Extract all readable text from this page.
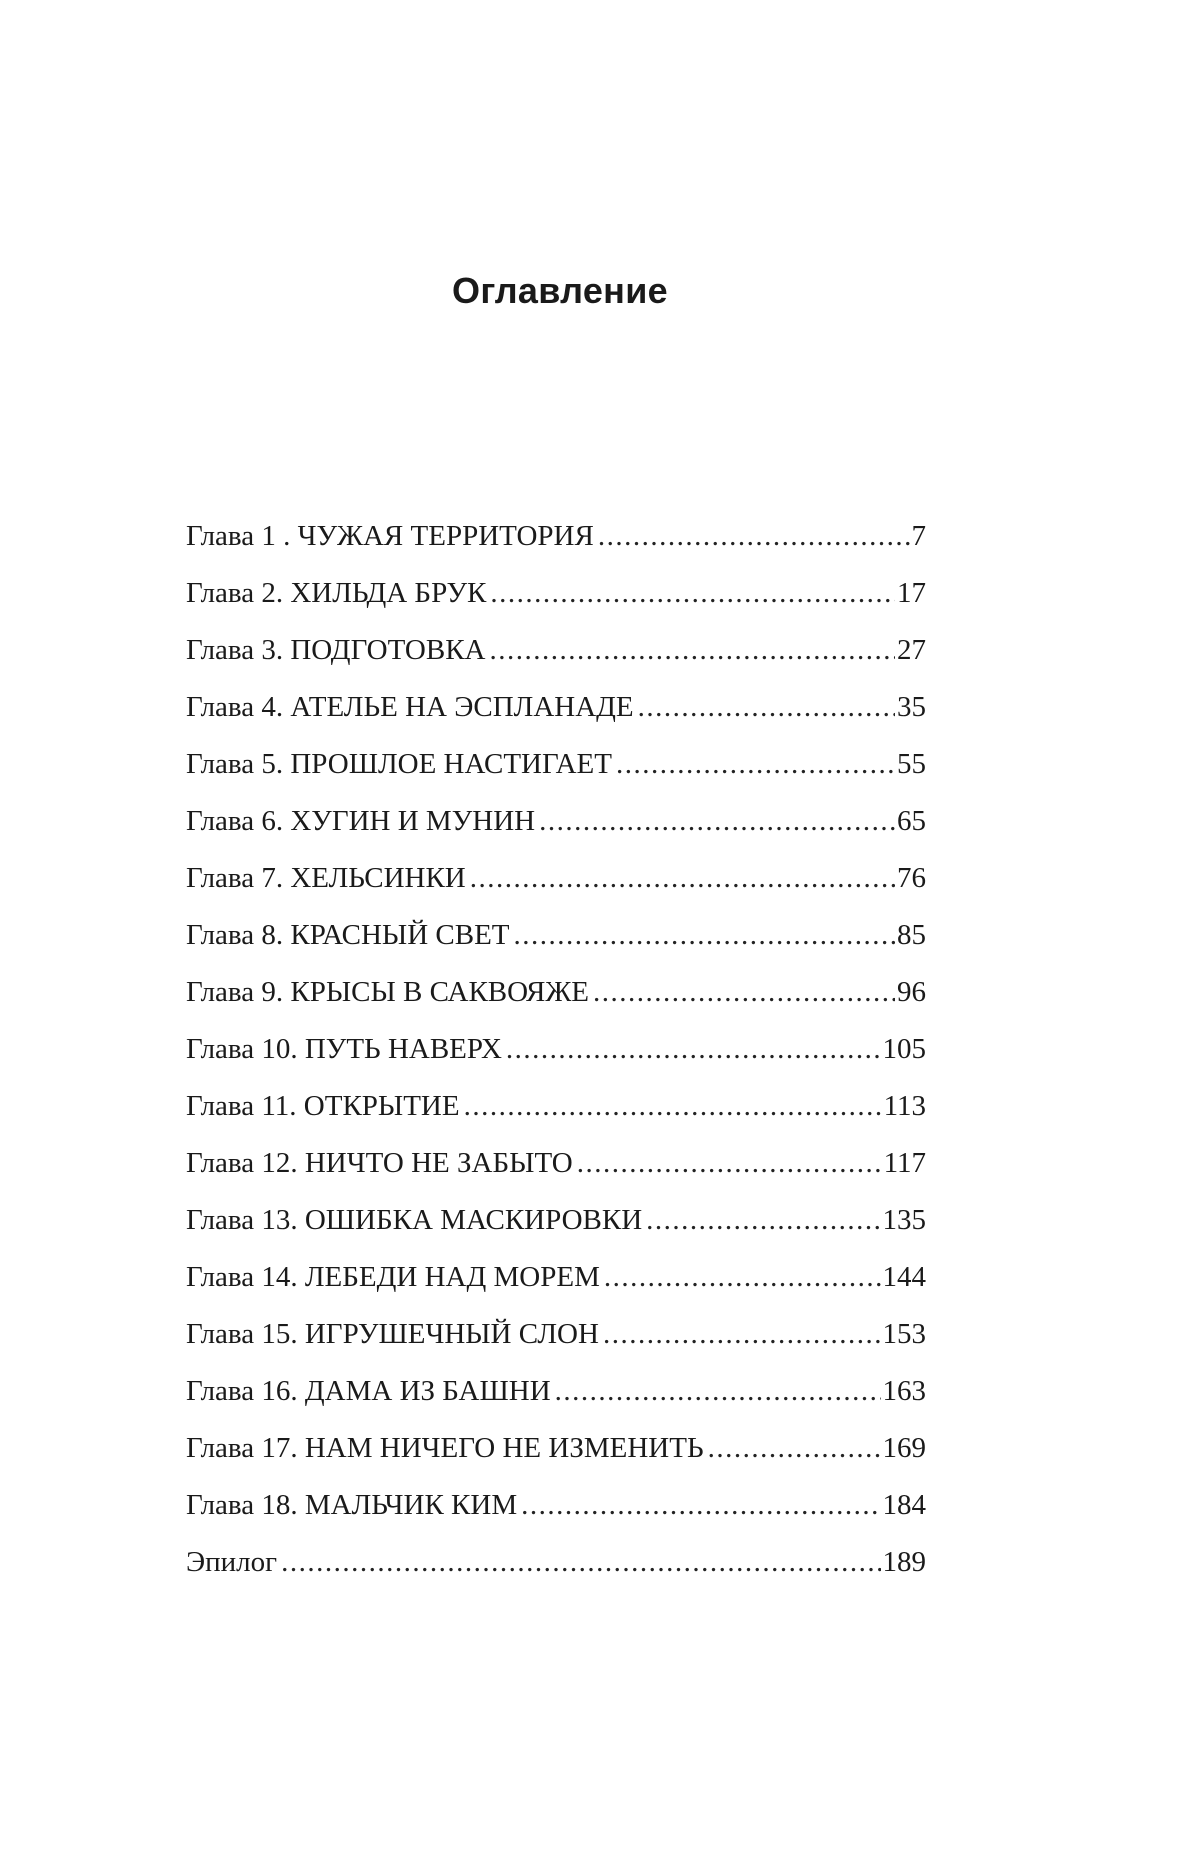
Оглавление
Глава 1 . ЧУЖАЯ ТЕРРИТОРИЯ .....	7
Глава 2. ХИЛЬДА БРУК .....	17
Глава 3. ПОДГОТОВКА .....	27
Глава 4. АТЕЛЬЕ НА ЭСПЛАНАДЕ .....	35
Глава 5. ПРОШЛОЕ НАСТИГАЕТ .....	55
Глава 6. ХУГИН И МУНИН .....	65
Глава 7. ХЕЛЬСИНКИ .....	76
Глава 8. КРАСНЫЙ СВЕТ .....	85
Глава 9. КРЫСЫ В САКВОЯЖЕ .....	96
Глава 10. ПУТЬ НАВЕРХ .....	105
Глава 11. ОТКРЫТИЕ .....	113
Глава 12. НИЧТО НЕ ЗАБЫТО .....	117
Глава 13. ОШИБКА МАСКИРОВКИ .....	135
Глава 14. ЛЕБЕДИ НАД МОРЕМ .....	144
Глава 15. ИГРУШЕЧНЫЙ СЛОН .....	153
Глава 16. ДАМА ИЗ БАШНИ .....	163
Глава 17. НАМ НИЧЕГО НЕ ИЗМЕНИТЬ .....	169
Глава 18. МАЛЬЧИК КИМ .....	184
Эпилог .....	189
